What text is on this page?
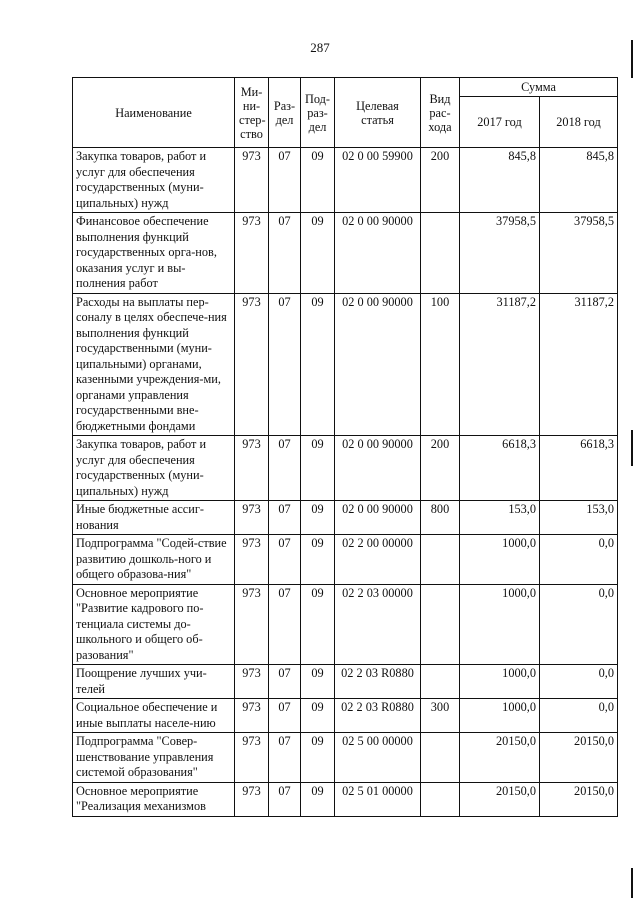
287
Наименование	Ми-ни-стер-ство	Раз-дел	Под-раз-дел	Целевая статья	Вид рас-хода	Сумма	
						2017 год	2018 год
Закупка товаров, работ и услуг для обеспечения государственных (муни-ципальных) нужд	973	07	09	02 0 00 59900	200	845,8	845,8
Финансовое обеспечение выполнения функций государственных орга-нов, оказания услуг и вы-полнения работ	973	07	09	02 0 00 90000		37958,5	37958,5
Расходы на выплаты пер-соналу в целях обеспече-ния выполнения функций государственными (муни-ципальными) органами, казенными учреждения-ми, органами управления государственными вне-бюджетными фондами	973	07	09	02 0 00 90000	100	31187,2	31187,2
Закупка товаров, работ и услуг для обеспечения государственных (муни-ципальных) нужд	973	07	09	02 0 00 90000	200	6618,3	6618,3
Иные бюджетные ассиг-нования	973	07	09	02 0 00 90000	800	153,0	153,0
Подпрограмма "Содей-ствие развитию дошколь-ного и общего образова-ния"	973	07	09	02 2 00 00000		1000,0	0,0
Основное мероприятие "Развитие кадрового по-тенциала системы до-школьного и общего об-разования"	973	07	09	02 2 03 00000		1000,0	0,0
Поощрение лучших учи-телей	973	07	09	02 2 03 R0880		1000,0	0,0
Социальное обеспечение и иные выплаты населе-нию	973	07	09	02 2 03 R0880	300	1000,0	0,0
Подпрограмма "Совер-шенствование управления системой образования"	973	07	09	02 5 00 00000		20150,0	20150,0
Основное мероприятие "Реализация механизмов	973	07	09	02 5 01 00000		20150,0	20150,0
